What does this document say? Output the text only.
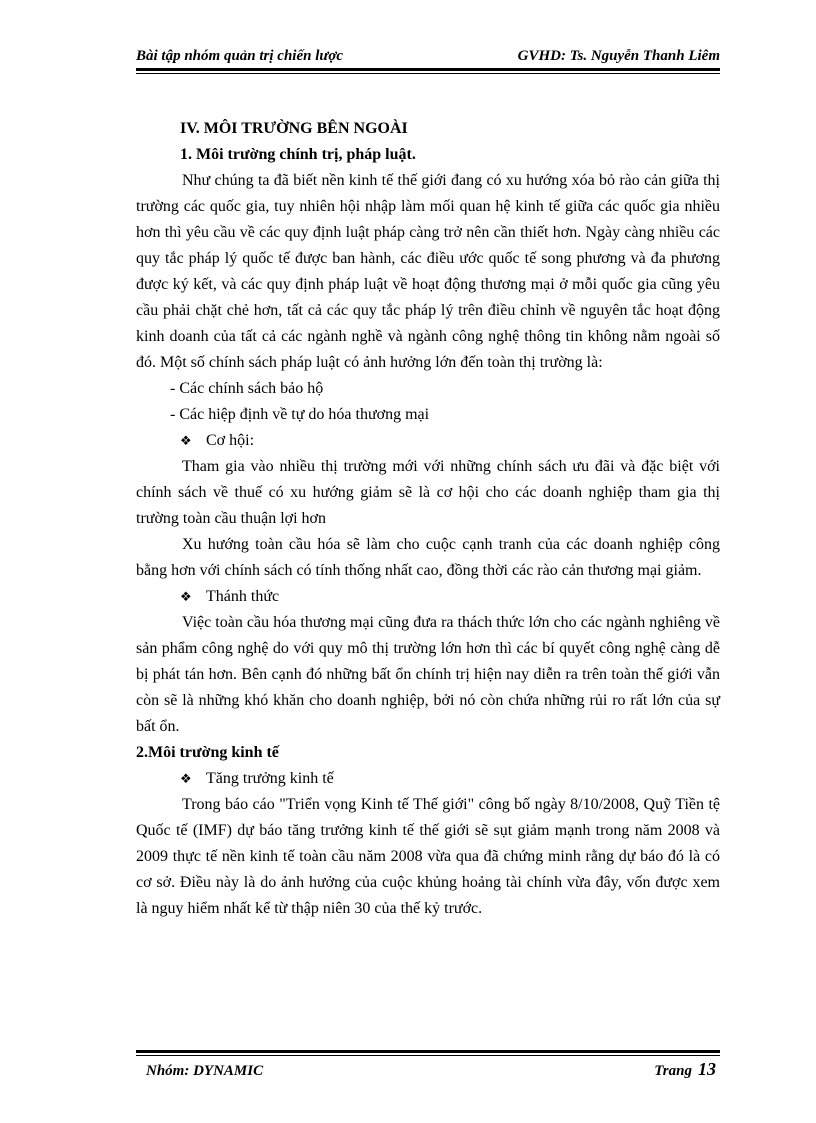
Bài tập nhóm quản trị chiến lược	GVHD: Ts. Nguyễn Thanh Liêm
IV. MÔI TRƯỜNG BÊN NGOÀI
1. Môi trường chính trị, pháp luật.

Như chúng ta đã biết nền kinh tế thế giới đang có xu hướng xóa bỏ rào cản giữa thị trường các quốc gia, tuy nhiên hội nhập làm mối quan hệ kinh tế giữa các quốc gia nhiều hơn thì yêu cầu về các quy định luật pháp càng trở nên cần thiết hơn. Ngày càng nhiều các quy tắc pháp lý quốc tế được ban hành, các điều ước quốc tế song phương và đa phương được ký kết, và các quy định pháp luật về hoạt động thương mại ở mỗi quốc gia cũng yêu cầu phải chặt chẻ hơn, tất cả các quy tắc pháp lý trên điều chỉnh về nguyên tắc hoạt động kinh doanh của tất cả các ngành nghề và ngành công nghệ thông tin không nằm ngoài số đó. Một số chính sách pháp luật có ảnh hưởng lớn đến toàn thị trường là:

- Các chính sách bảo hộ
- Các hiệp định về tự do hóa thương mại
❖ Cơ hội:

Tham gia vào nhiều thị trường mới với những chính sách ưu đãi và đặc biệt với chính sách về thuế có xu hướng giảm sẽ là cơ hội cho các doanh nghiệp tham gia thị trường toàn cầu thuận lợi hơn

Xu hướng toàn cầu hóa sẽ làm cho cuộc cạnh tranh của các doanh nghiệp công bằng hơn với chính sách có tính thống nhất cao, đồng thời các rào cản thương mại giảm.

❖ Thánh thức

Việc toàn cầu hóa thương mại cũng đưa ra thách thức lớn cho các ngành nghiêng về sản phẩm công nghệ do với quy mô thị trường lớn hơn thì các bí quyết công nghệ càng dễ bị phát tán hơn. Bên cạnh đó những bất ổn chính trị hiện nay diễn ra trên toàn thế giới vẫn còn sẽ là những khó khăn cho doanh nghiệp, bởi nó còn chứa những rủi ro rất lớn của sự bất ổn.

2.Môi trường kinh tế
❖ Tăng trưởng kinh tế

Trong báo cáo "Triển vọng Kinh tế Thế giới" công bố ngày 8/10/2008, Quỹ Tiền tệ Quốc tế (IMF) dự báo tăng trưởng kinh tế thế giới sẽ sụt giảm mạnh trong năm 2008 và 2009 thực tế nền kinh tế toàn cầu năm 2008 vừa qua đã chứng minh rằng dự báo đó là có cơ sở. Điều này là do ảnh hưởng của cuộc khủng hoảng tài chính vừa đây, vốn được xem là nguy hiểm nhất kể từ thập niên 30 của thế kỷ trước.

Nhóm: DYNAMIC	Trang 13
